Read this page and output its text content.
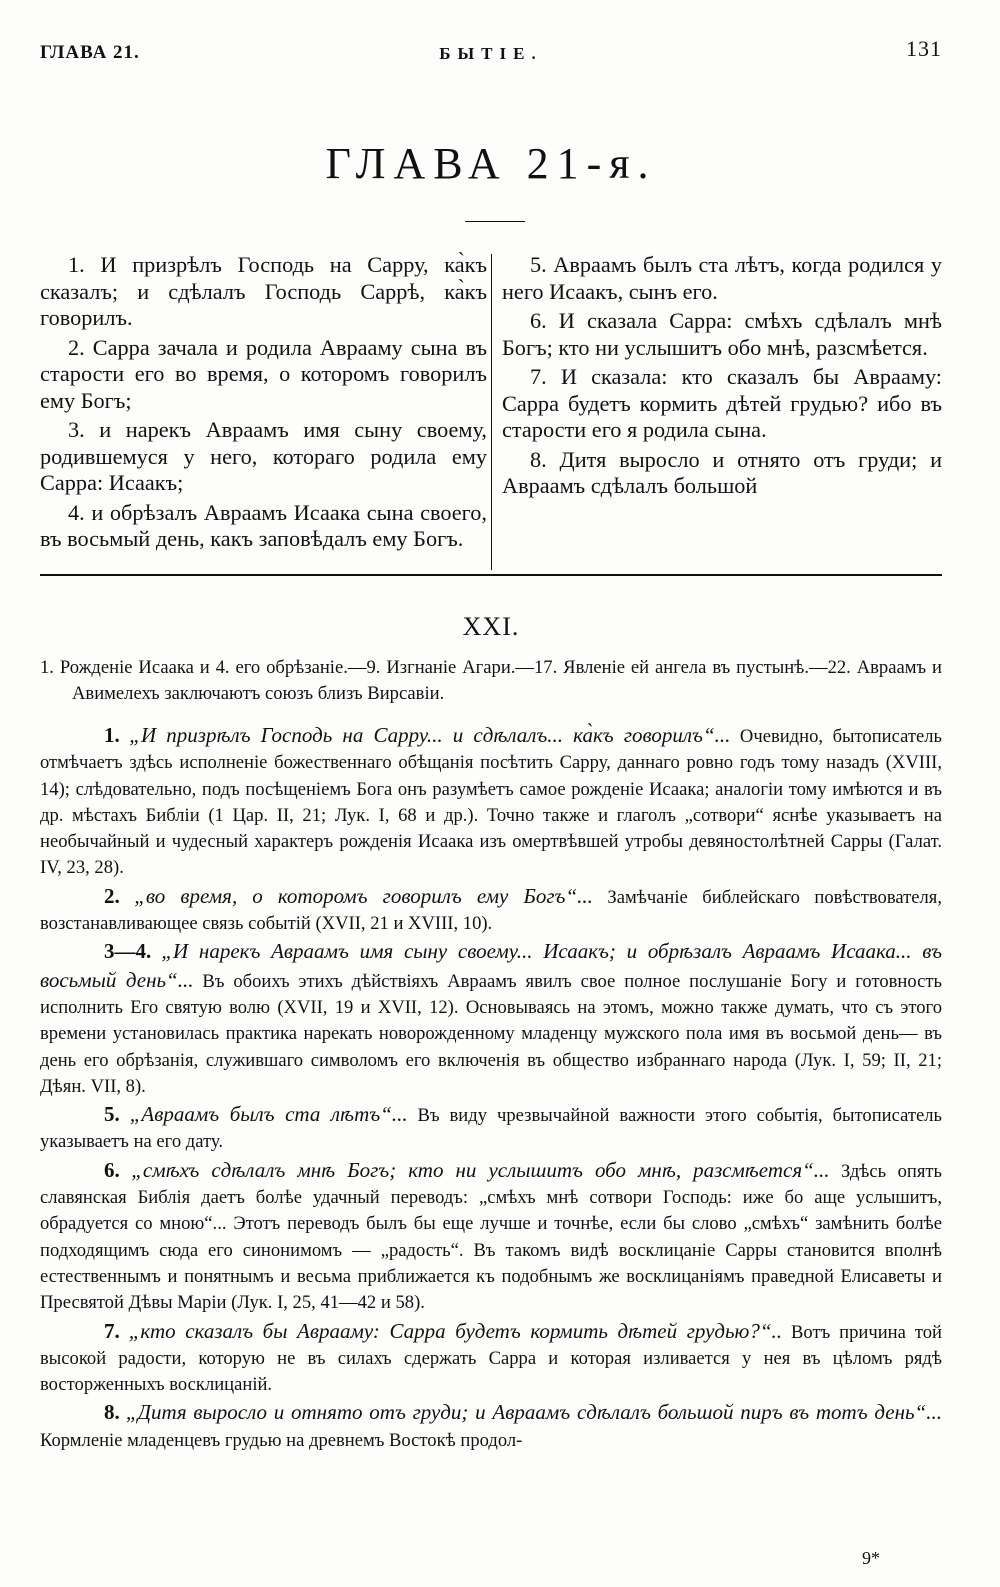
ГЛАВА 21.	БЫТІЕ.	131
ГЛАВА 21-я.

1. И призрѣлъ Господь на Сарру, ка̀къ сказалъ; и сдѣлалъ Господь Саррѣ, ка̀къ говорилъ.

2. Сарра зачала и родила Аврааму сына въ старости его во время, о которомъ говорилъ ему Богъ;

3. и нарекъ Авраамъ имя сыну своему, родившемуся у него, котораго родила ему Сарра: Исаакъ;

4. и обрѣзалъ Авраамъ Исаака сына своего, въ восьмый день, какъ заповѣдалъ ему Богъ.

5. Авраамъ былъ ста лѣтъ, когда родился у него Исаакъ, сынъ его.

6. И сказала Сарра: смѣхъ сдѣлалъ мнѣ Богъ; кто ни услышитъ обо мнѣ, разсмѣется.

7. И сказала: кто сказалъ бы Аврааму: Сарра будетъ кормить дѣтей грудью? ибо въ старости его я родила сына.

8. Дитя выросло и отнято отъ груди; и Авраамъ сдѣлалъ большой

XXI.
1. Рожденіе Исаака и 4. его обрѣзаніе.—9. Изгнаніе Агари.—17. Явленіе ей ангела въ пустынѣ.—22. Авраамъ и Авимелехъ заключаютъ союзъ близъ Вирсавіи.

1. „И призрѣлъ Господь на Сарру... и сдѣлалъ... ка̀къ говорилъ“... Очевидно, бытописатель отмѣчаетъ здѣсь исполненіе божественнаго обѣщанія посѣтить Сарру, даннаго ровно годъ тому назадъ (XVIII, 14); слѣдовательно, подъ посѣщеніемъ Бога онъ разумѣетъ самое рожденіе Исаака; аналогіи тому имѣются и въ др. мѣстахъ Библіи (1 Цар. II, 21; Лук. I, 68 и др.). Точно также и глаголъ „сотвори“ яснѣе указываетъ на необычайный и чудесный характеръ рожденія Исаака изъ омертвѣвшей утробы девяностолѣтней Сарры (Галат. IV, 23, 28).

2. „во время, о которомъ говорилъ ему Богъ“... Замѣчаніе библейскаго повѣствователя, возстанавливающее связь событій (XVII, 21 и XVIII, 10).

3—4. „И нарекъ Авраамъ имя сыну своему... Исаакъ; и обрѣзалъ Авраамъ Исаака... въ восьмый день“... Въ обоихъ этихъ дѣйствіяхъ Авраамъ явилъ свое полное послушаніе Богу и готовность исполнить Его святую волю (XVII, 19 и XVII, 12). Основываясь на этомъ, можно также думать, что съ этого времени установилась практика нарекать новорожденному младенцу мужского пола имя въ восьмой день— въ день его обрѣзанія, служившаго символомъ его включенія въ общество избраннаго народа (Лук. I, 59; II, 21; Дѣян. VII, 8).

5. „Авраамъ былъ ста лѣтъ“... Въ виду чрезвычайной важности этого событія, бытописатель указываетъ на его дату.

6. „смѣхъ сдѣлалъ мнѣ Богъ; кто ни услышитъ обо мнѣ, разсмѣется“... Здѣсь опять славянская Библія даетъ болѣе удачный переводъ: „смѣхъ мнѣ сотвори Господь: иже бо аще услышитъ, обрадуется со мною“... Этотъ переводъ былъ бы еще лучше и точнѣе, если бы слово „смѣхъ“ замѣнить болѣе подходящимъ сюда его синонимомъ — „радость“. Въ такомъ видѣ восклицаніе Сарры становится вполнѣ естественнымъ и понятнымъ и весьма приближается къ подобнымъ же восклицаніямъ праведной Елисаветы и Пресвятой Дѣвы Маріи (Лук. I, 25, 41—42 и 58).

7. „кто сказалъ бы Аврааму: Сарра будетъ кормить дѣтей грудью?“.. Вотъ причина той высокой радости, которую не въ силахъ сдержать Сарра и которая изливается у нея въ цѣломъ рядѣ восторженныхъ восклицаній.

8. „Дитя выросло и отнято отъ груди; и Авраамъ сдѣлалъ большой пиръ въ тотъ день“... Кормленіе младенцевъ грудью на древнемъ Востокѣ продол-

9*
